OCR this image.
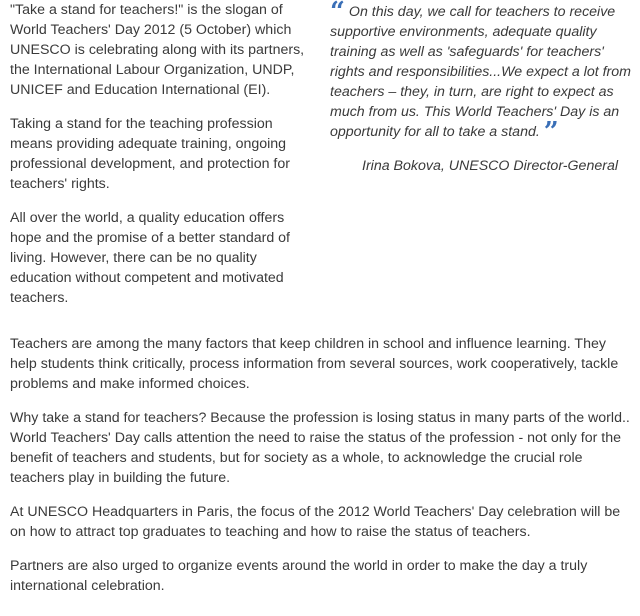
"Take a stand for teachers!" is the slogan of World Teachers' Day 2012 (5 October) which UNESCO is celebrating along with its partners, the International Labour Organization, UNDP, UNICEF and Education International (EI).

Taking a stand for the teaching profession means providing adequate training, ongoing professional development, and protection for teachers' rights.

All over the world, a quality education offers hope and the promise of a better standard of living. However, there can be no quality education without competent and motivated teachers.

“ On this day, we call for teachers to receive supportive environments, adequate quality training as well as 'safeguards' for teachers' rights and responsibilities...We expect a lot from teachers – they, in turn, are right to expect as much from us. This World Teachers' Day is an opportunity for all to take a stand. ”

Irina Bokova, UNESCO Director-General

Teachers are among the many factors that keep children in school and influence learning. They help students think critically, process information from several sources, work cooperatively, tackle problems and make informed choices.

Why take a stand for teachers? Because the profession is losing status in many parts of the world.. World Teachers' Day calls attention the need to raise the status of the profession - not only for the benefit of teachers and students, but for society as a whole, to acknowledge the crucial role teachers play in building the future.

At UNESCO Headquarters in Paris, the focus of the 2012 World Teachers' Day celebration will be on how to attract top graduates to teaching and how to raise the status of teachers.

Partners are also urged to organize events around the world in order to make the day a truly international celebration.
